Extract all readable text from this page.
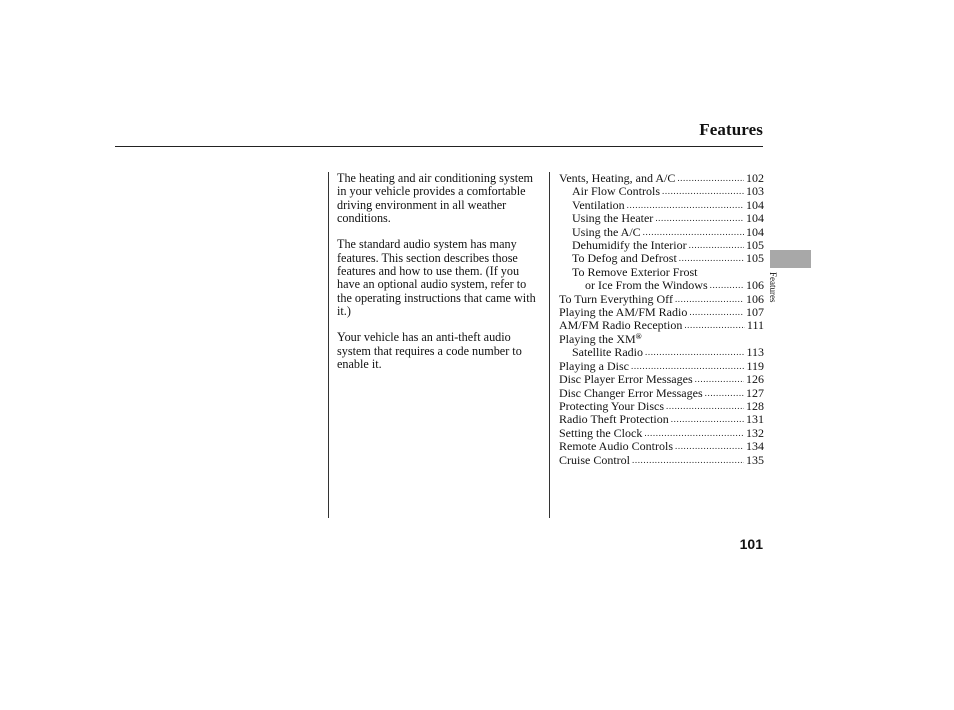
Features

The heating and air conditioning system in your vehicle provides a comfortable driving environment in all weather conditions.

The standard audio system has many features. This section describes those features and how to use them. (If you have an optional audio system, refer to the operating instructions that came with it.)

Your vehicle has an anti-theft audio system that requires a code number to enable it.

Vents, Heating, and A/C .....	102
Air Flow Controls .....	103
Ventilation .....	104
Using the Heater .....	104
Using the A/C .....	104
Dehumidify the Interior .....	105
To Defog and Defrost .....	105
To Remove Exterior Frost
or Ice From the Windows .....	106
To Turn Everything Off .....	106
Playing the AM/FM Radio .....	107
AM/FM Radio Reception .....	111
Playing the XM®
Satellite Radio .....	113
Playing a Disc .....	119
Disc Player Error Messages .....	126
Disc Changer Error Messages .....	127
Protecting Your Discs .....	128
Radio Theft Protection .....	131
Setting the Clock .....	132
Remote Audio Controls .....	134
Cruise Control .....	135
Features
101
